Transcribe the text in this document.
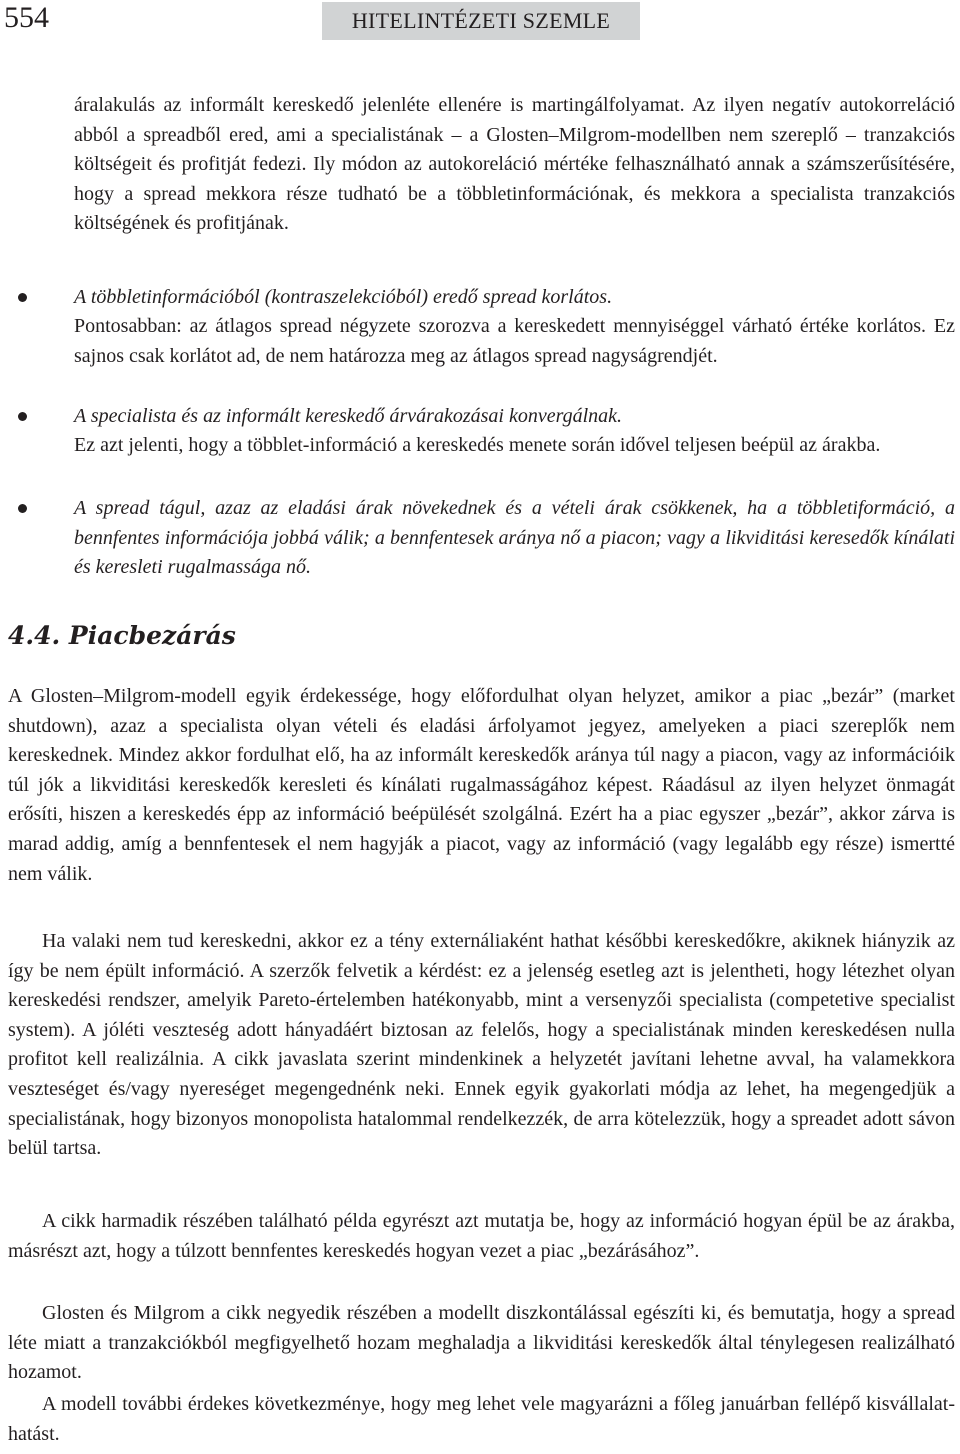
554	HITELINTÉZETI SZEMLE

áralakulás az informált kereskedő jelenléte ellenére is martingálfolyamat. Az ilyen negatív autokorreláció abból a spreadből ered, ami a specialistának – a Glosten–Milgrom-modellben nem szereplő – tranzakciós költségeit és profitját fedezi. Ily módon az autokoreláció mértéke felhasználható annak a számszerűsítésére, hogy a spread mekkora része tudható be a többletinformációnak, és mekkora a specialista tranzakciós költségének és profitjának.

A többletinformációból (kontraszelekcióból) eredő spread korlátos.

Pontosabban: az átlagos spread négyzete szorozva a kereskedett mennyiséggel várható értéke korlátos. Ez sajnos csak korlátot ad, de nem határozza meg az átlagos spread nagyságrendjét.

A specialista és az informált kereskedő árvárakozásai konvergálnak.

Ez azt jelenti, hogy a többlet-információ a kereskedés menete során idővel teljesen beépül az árakba.

A spread tágul, azaz az eladási árak növekednek és a vételi árak csökkenek, ha a többletiformáció, a bennfentes információja jobbá válik; a bennfentesek aránya nő a piacon; vagy a likviditási keresedők kínálati és keresleti rugalmassága nő.

4.4. Piacbezárás

A Glosten–Milgrom-modell egyik érdekessége, hogy előfordulhat olyan helyzet, amikor a piac „bezár” (market shutdown), azaz a specialista olyan vételi és eladási árfolyamot jegyez, amelyeken a piaci szereplők nem kereskednek. Mindez akkor fordulhat elő, ha az informált kereskedők aránya túl nagy a piacon, vagy az információik túl jók a likviditási kereskedők keresleti és kínálati rugalmasságához képest. Ráadásul az ilyen helyzet önmagát erősíti, hiszen a kereskedés épp az információ beépülését szolgálná. Ezért ha a piac egyszer „bezár”, akkor zárva is marad addig, amíg a bennfentesek el nem hagyják a piacot, vagy az információ (vagy legalább egy része) ismertté nem válik.

Ha valaki nem tud kereskedni, akkor ez a tény externáliaként hathat későbbi kereskedőkre, akiknek hiányzik az így be nem épült információ. A szerzők felvetik a kérdést: ez a jelenség esetleg azt is jelentheti, hogy létezhet olyan kereskedési rendszer, amelyik Pareto-értelemben hatékonyabb, mint a versenyzői specialista (competetive specialist system). A jóléti veszteség adott hányadáért biztosan az felelős, hogy a specialistának minden kereskedésen nulla profitot kell realizálnia. A cikk javaslata szerint mindenkinek a helyzetét javítani lehetne avval, ha valamekkora veszteséget és/vagy nyereséget megengednénk neki. Ennek egyik gyakorlati módja az lehet, ha megengedjük a specialistának, hogy bizonyos monopolista hatalommal rendelkezzék, de arra kötelezzük, hogy a spreadet adott sávon belül tartsa.

A cikk harmadik részében található példa egyrészt azt mutatja be, hogy az információ hogyan épül be az árakba, másrészt azt, hogy a túlzott bennfentes kereskedés hogyan vezet a piac „bezárásához”.

Glosten és Milgrom a cikk negyedik részében a modellt diszkontálással egészíti ki, és bemutatja, hogy a spread léte miatt a tranzakciókból megfigyelhető hozam meghaladja a likviditási kereskedők által ténylegesen realizálható hozamot.

A modell további érdekes következménye, hogy meg lehet vele magyarázni a főleg januárban fellépő kisvállalat-hatást.
